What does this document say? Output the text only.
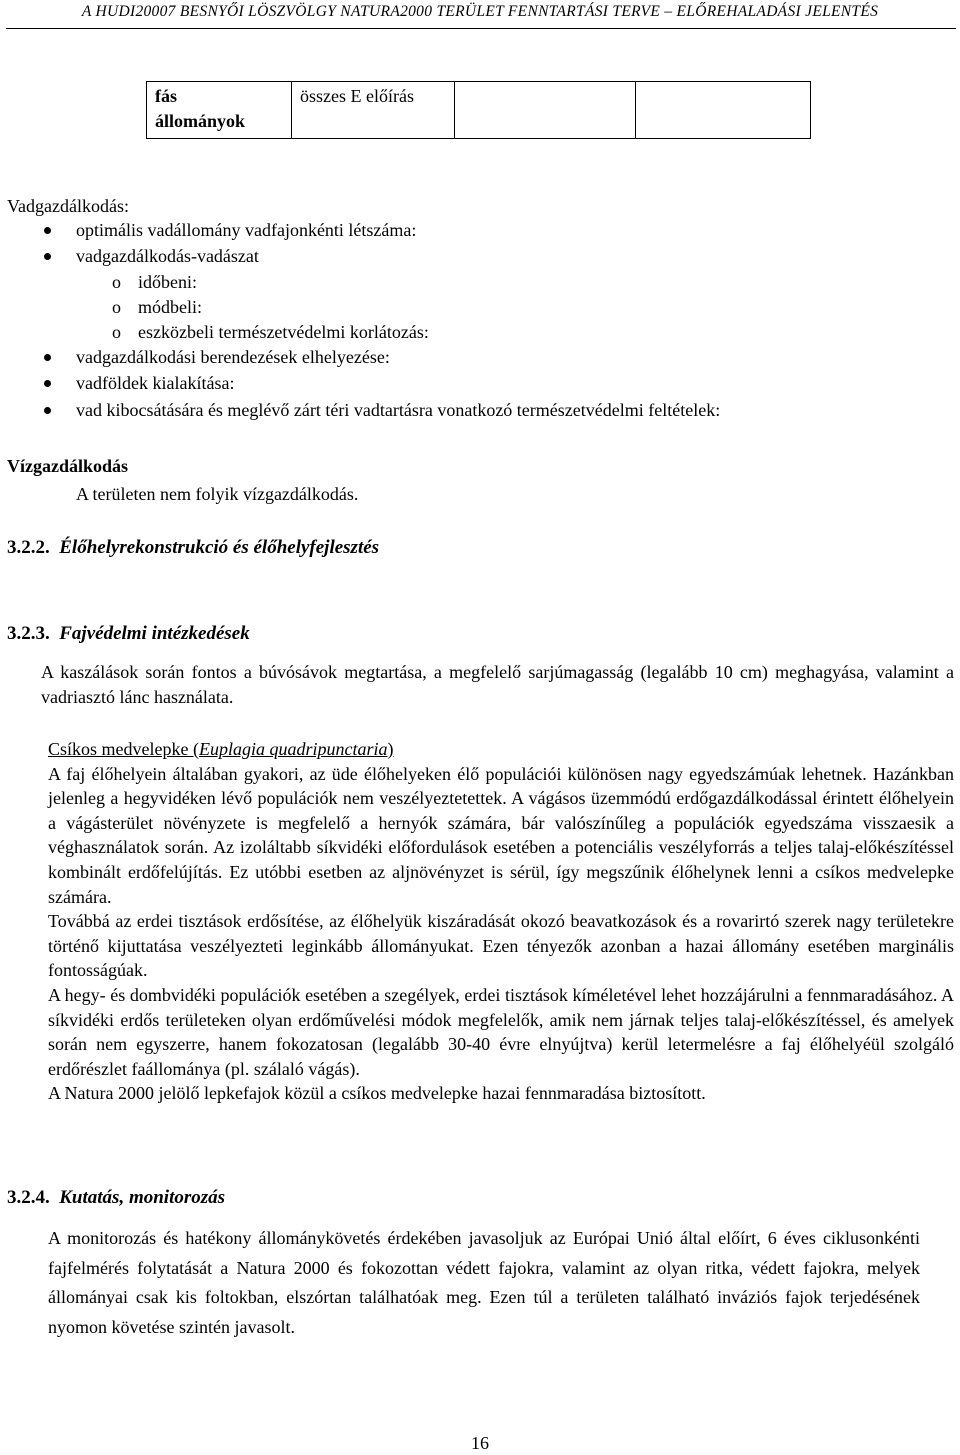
A HUDI20007 BESNYŐI LÖSZVÖLGY NATURA2000 TERÜLET FENNTARTÁSI TERVE – ELŐREHALADÁSI JELENTÉS
fás
állományok	összes E előírás		
Vadgazdálkodás:
optimális vadállomány vadfajonkénti létszáma:
vadgazdálkodás-vadászat
o időbeni:
o módbeli:
o eszközbeli természetvédelmi korlátozás:
vadgazdálkodási berendezések elhelyezése:
vadföldek kialakítása:
vad kibocsátására és meglévő zárt téri vadtartásra vonatkozó természetvédelmi feltételek:
Vízgazdálkodás
A területen nem folyik vízgazdálkodás.
3.2.2. Élőhelyrekonstrukció és élőhelyfejlesztés
3.2.3. Fajvédelmi intézkedések

A kaszálások során fontos a búvósávok megtartása, a megfelelő sarjúmagasság (legalább 10 cm) meghagyása, valamint a vadriasztó lánc használata.

Csíkos medvelepke (Euplagia quadripunctaria)

A faj élőhelyein általában gyakori, az üde élőhelyeken élő populációi különösen nagy egyedszámúak lehetnek. Hazánkban jelenleg a hegyvidéken lévő populációk nem veszélyeztetettek. A vágásos üzemmódú erdőgazdálkodással érintett élőhelyein a vágásterület növényzete is megfelelő a hernyók számára, bár valószínűleg a populációk egyedszáma visszaesik a véghasználatok során. Az izoláltabb síkvidéki előfordulások esetében a potenciális veszélyforrás a teljes talaj-előkészítéssel kombinált erdőfelújítás. Ez utóbbi esetben az aljnövényzet is sérül, így megszűnik élőhelynek lenni a csíkos medvelepke számára.

Továbbá az erdei tisztások erdősítése, az élőhelyük kiszáradását okozó beavatkozások és a rovarirtó szerek nagy területekre történő kijuttatása veszélyezteti leginkább állományukat. Ezen tényezők azonban a hazai állomány esetében marginális fontosságúak.

A hegy- és dombvidéki populációk esetében a szegélyek, erdei tisztások kíméletével lehet hozzájárulni a fennmaradásához. A síkvidéki erdős területeken olyan erdőművelési módok megfelelők, amik nem járnak teljes talaj-előkészítéssel, és amelyek során nem egyszerre, hanem fokozatosan (legalább 30-40 évre elnyújtva) kerül letermelésre a faj élőhelyéül szolgáló erdőrészlet faállománya (pl. szálaló vágás).

A Natura 2000 jelölő lepkefajok közül a csíkos medvelepke hazai fennmaradása biztosított.

3.2.4. Kutatás, monitorozás

A monitorozás és hatékony állománykövetés érdekében javasoljuk az Európai Unió által előírt, 6 éves ciklusonkénti fajfelmérés folytatását a Natura 2000 és fokozottan védett fajokra, valamint az olyan ritka, védett fajokra, melyek állományai csak kis foltokban, elszórtan találhatóak meg. Ezen túl a területen található inváziós fajok terjedésének nyomon követése szintén javasolt.

16
